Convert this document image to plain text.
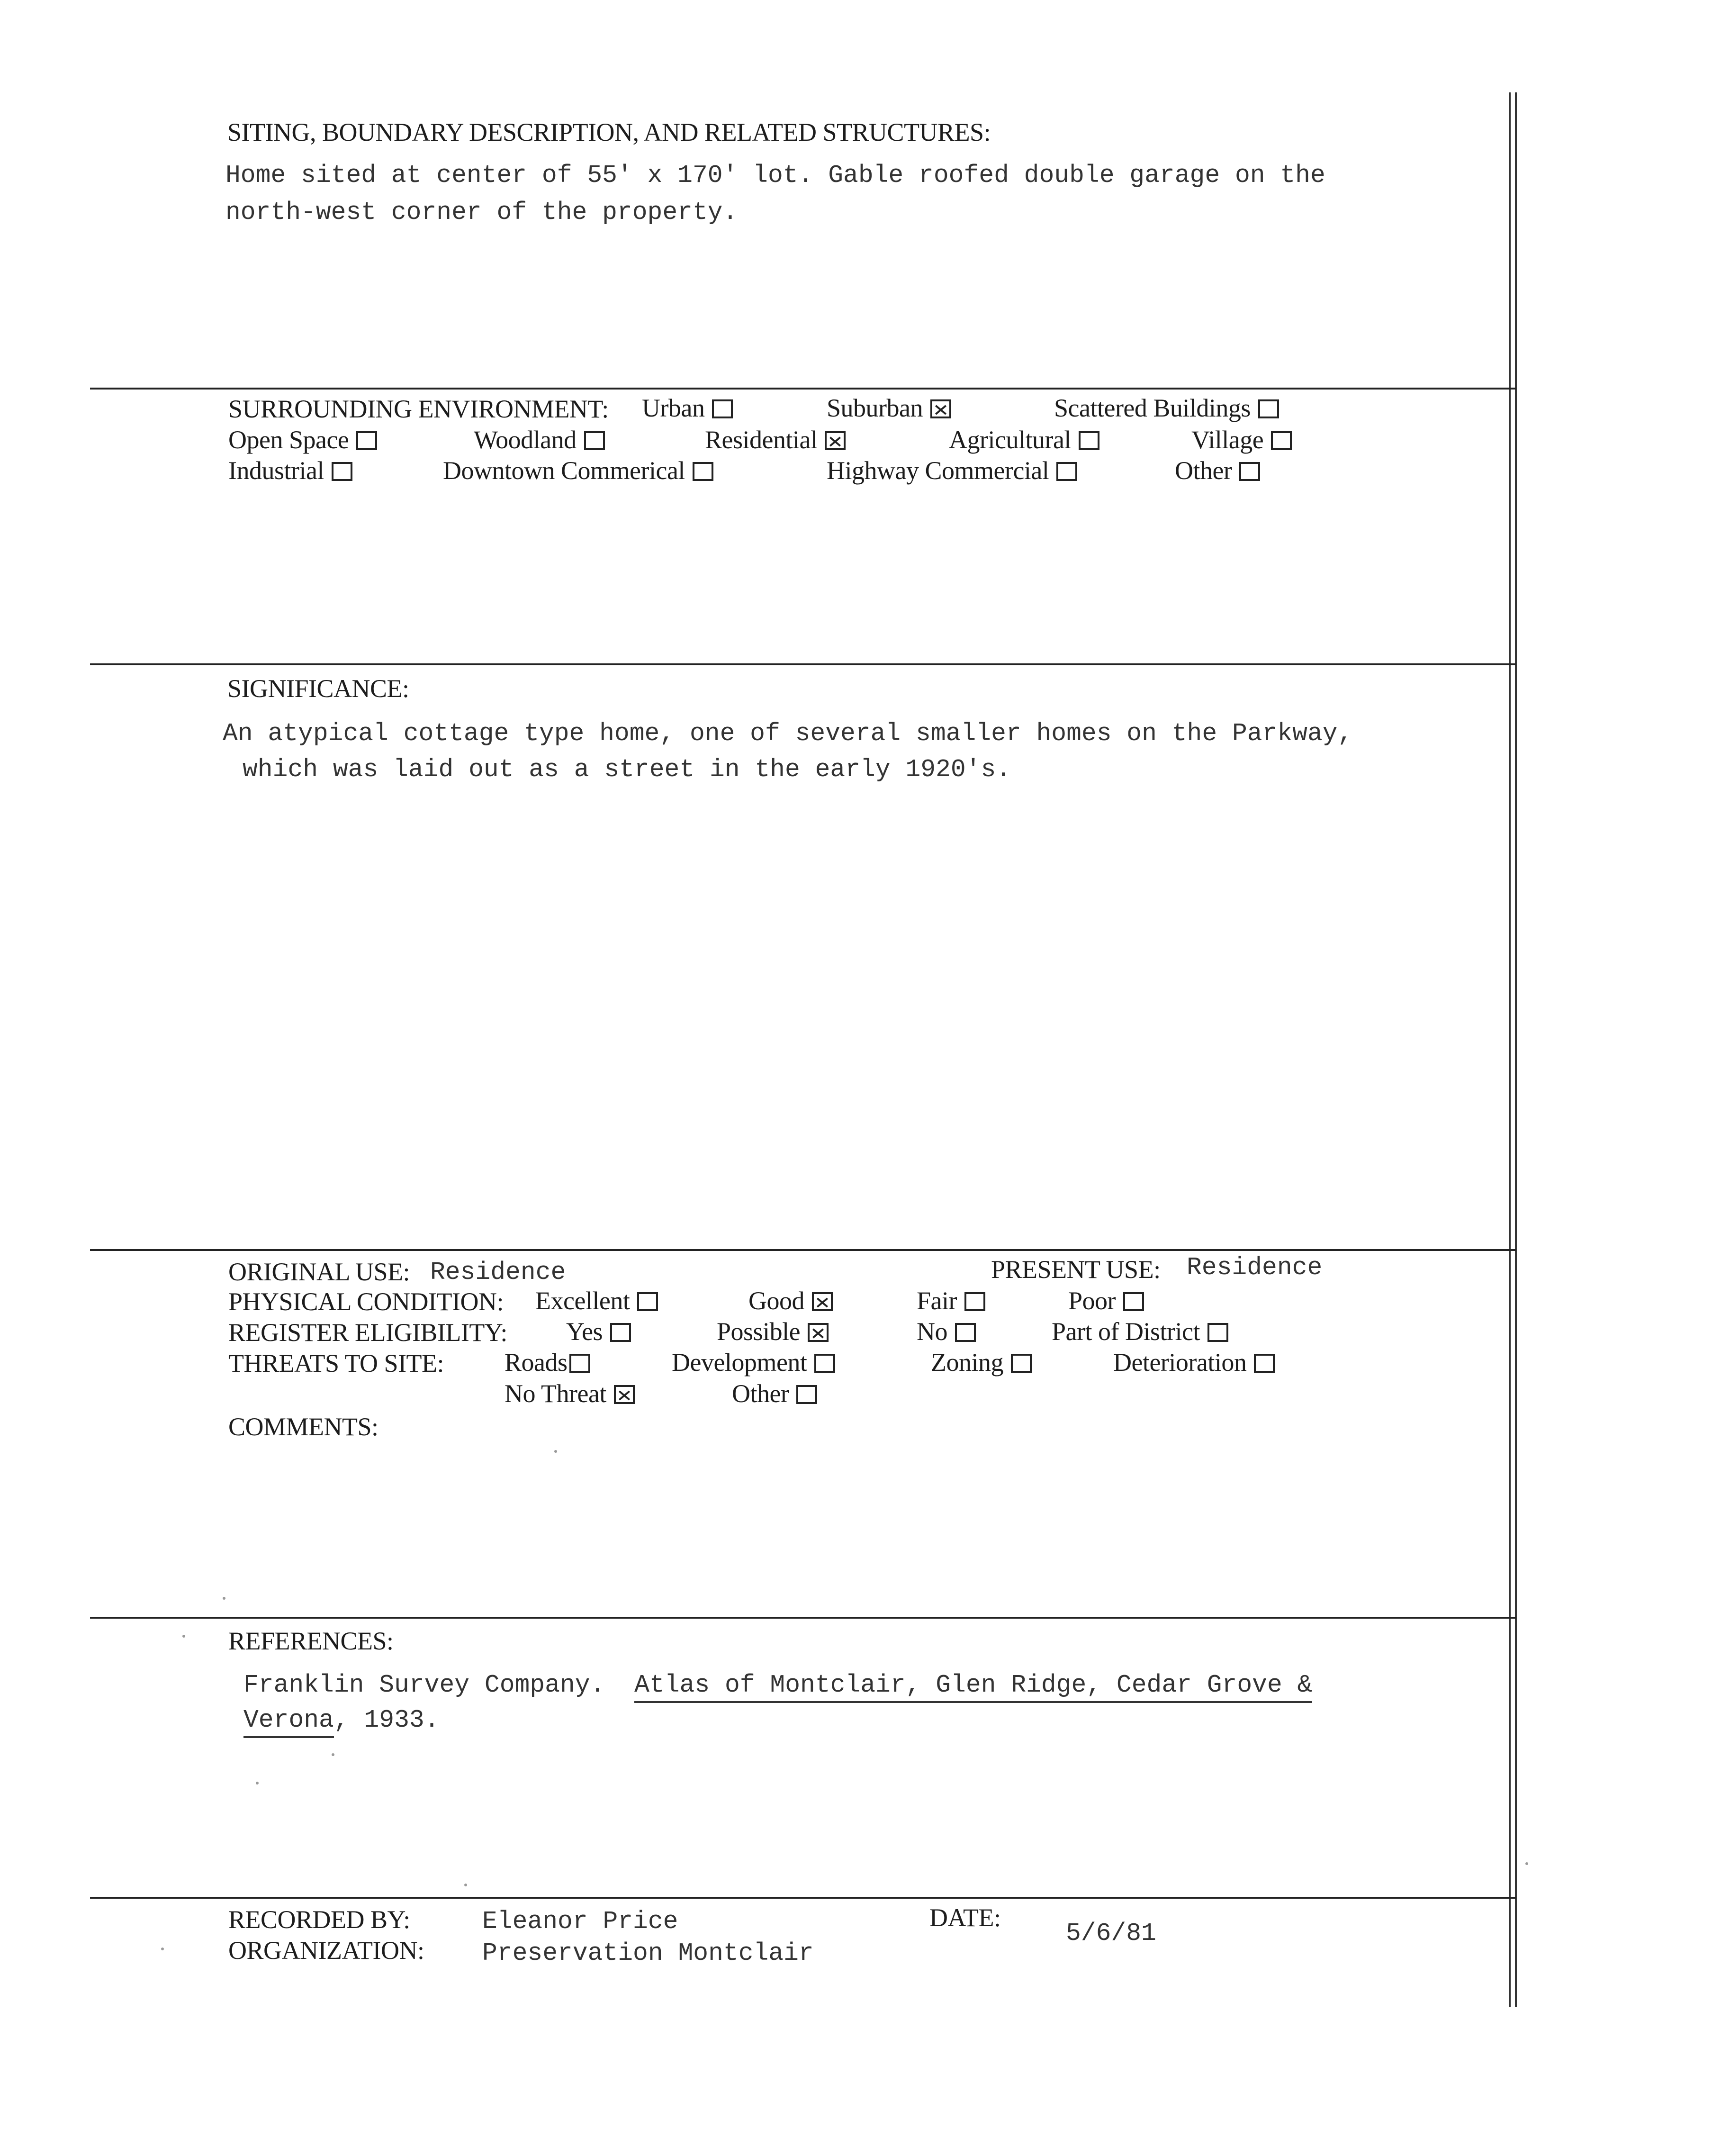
SITING, BOUNDARY DESCRIPTION, AND RELATED STRUCTURES:
Home sited at center of 55' x 170' lot. Gable roofed double garage on the
north-west corner of the property.
SURROUNDING ENVIRONMENT: Urban	Suburban	Scattered Buildings
Open Space	Woodland	Residential	Agricultural	Village
Industrial	Downtown Commerical	Highway Commercial	Other
SIGNIFICANCE:
An atypical cottage type home, one of several smaller homes on the Parkway,
which was laid out as a street in the early 1920's.
ORIGINAL USE: Residence	PRESENT USE: Residence
PHYSICAL CONDITION: Excellent	Good	Fair	Poor
REGISTER ELIGIBILITY: Yes	Possible	No	Part of District
THREATS TO SITE: Roads	Development	Zoning	Deterioration
No Threat	Other
COMMENTS:
REFERENCES:
Franklin Survey Company. Atlas of Montclair, Glen Ridge, Cedar Grove &
Verona, 1933.
RECORDED BY:	Eleanor Price
ORGANIZATION: Preservation Montclair
DATE:
5/6/81
